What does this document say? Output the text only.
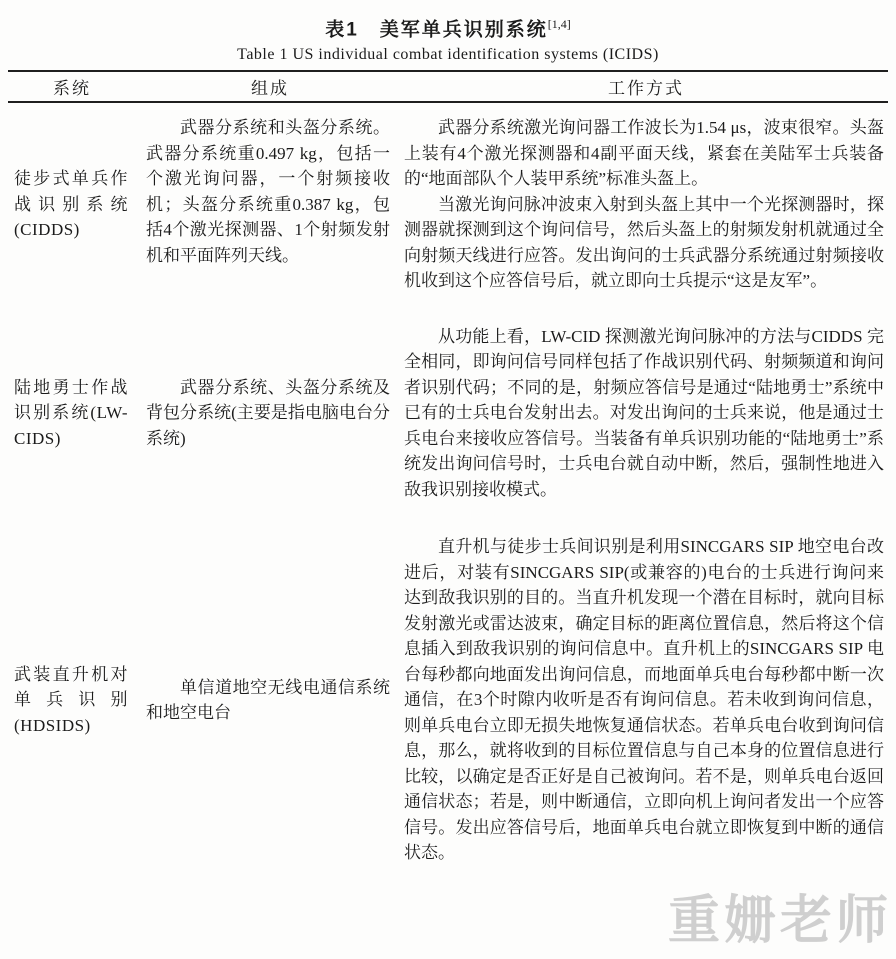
表1　美军单兵识别系统[1,4]
Table 1 US individual combat identification systems (ICIDS)
系统	组成	工作方式
徒步式单兵作战识别系统(CIDDS)

武器分系统和头盔分系统。武器分系统重0.497 kg，包括一个激光询问器，一个射频接收机；头盔分系统重0.387 kg，包括4个激光探测器、1个射频发射机和平面阵列天线。

武器分系统激光询问器工作波长为1.54 μs，波束很窄。头盔上装有4个激光探测器和4副平面天线，紧套在美陆军士兵装备的“地面部队个人装甲系统”标准头盔上。

当激光询问脉冲波束入射到头盔上其中一个光探测器时，探测器就探测到这个询问信号，然后头盔上的射频发射机就通过全向射频天线进行应答。发出询问的士兵武器分系统通过射频接收机收到这个应答信号后，就立即向士兵提示“这是友军”。

陆地勇士作战识别系统(LW-CIDS)

武器分系统、头盔分系统及背包分系统(主要是指电脑电台分系统)

从功能上看，LW-CID 探测激光询问脉冲的方法与CIDDS 完全相同，即询问信号同样包括了作战识别代码、射频频道和询问者识别代码；不同的是，射频应答信号是通过“陆地勇士”系统中已有的士兵电台发射出去。对发出询问的士兵来说，他是通过士兵电台来接收应答信号。当装备有单兵识别功能的“陆地勇士”系统发出询问信号时，士兵电台就自动中断，然后，强制性地进入敌我识别接收模式。

武装直升机对单兵识别(HDSIDS)

单信道地空无线电通信系统和地空电台

直升机与徒步士兵间识别是利用SINCGARS SIP 地空电台改进后，对装有SINCGARS SIP(或兼容的)电台的士兵进行询问来达到敌我识别的目的。当直升机发现一个潜在目标时，就向目标发射激光或雷达波束，确定目标的距离位置信息，然后将这个信息插入到敌我识别的询问信息中。直升机上的SINCGARS SIP 电台每秒都向地面发出询问信息，而地面单兵电台每秒都中断一次通信，在3个时隙内收听是否有询问信息。若未收到询问信息，则单兵电台立即无损失地恢复通信状态。若单兵电台收到询问信息，那么，就将收到的目标位置信息与自己本身的位置信息进行比较，以确定是否正好是自己被询问。若不是，则单兵电台返回通信状态；若是，则中断通信，立即向机上询问者发出一个应答信号。发出应答信号后，地面单兵电台就立即恢复到中断的通信状态。

重姗老师
